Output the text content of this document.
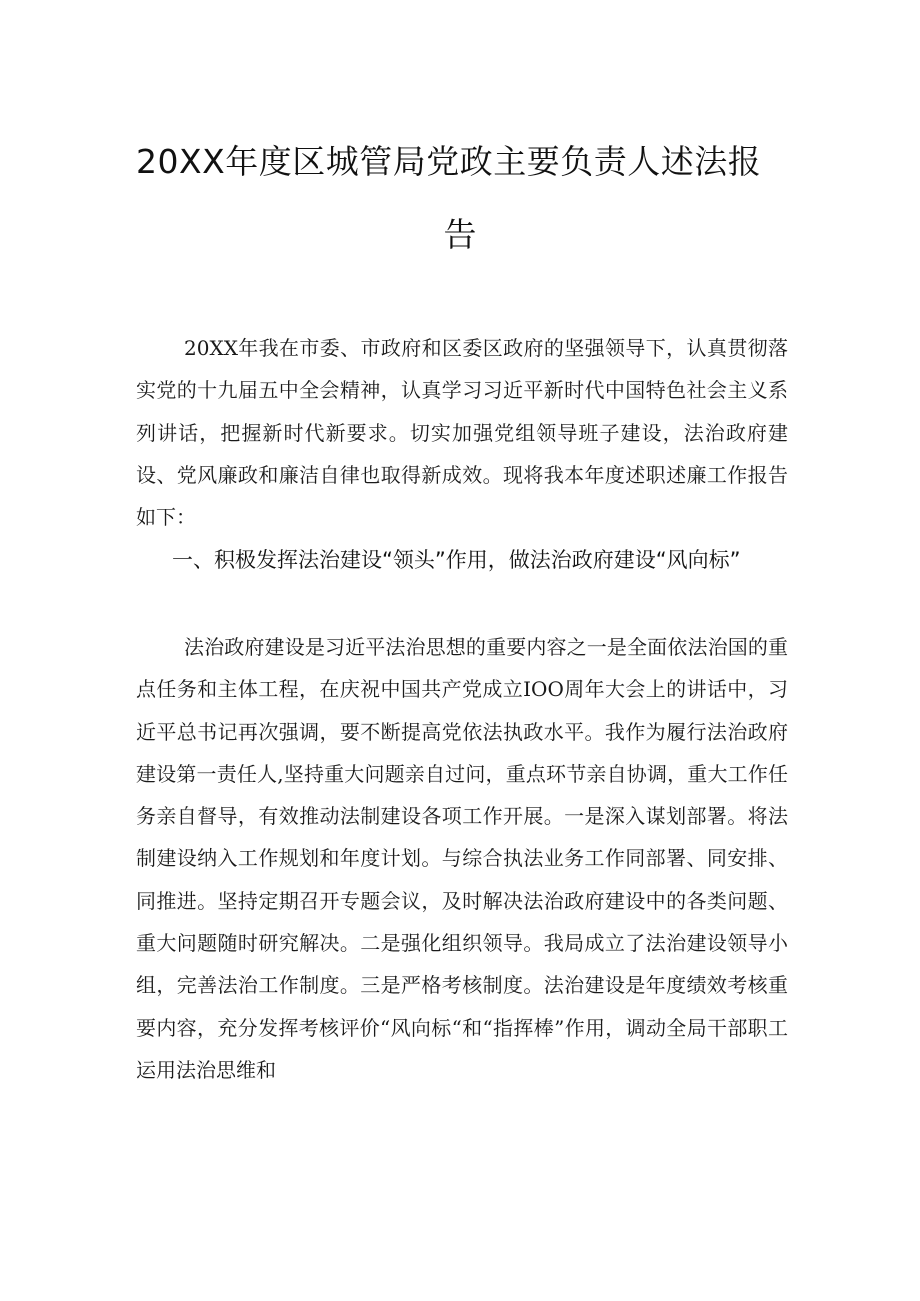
20XX年度区城管局党政主要负责人述法报
告

20XX年我在市委、市政府和区委区政府的坚强领导下，认真贯彻落实党的十九届五中全会精神，认真学习习近平新时代中国特色社会主义系列讲话，把握新时代新要求。切实加强党组领导班子建设，法治政府建设、党风廉政和廉洁自律也取得新成效。现将我本年度述职述廉工作报告如下：

一、积极发挥法治建设“领头”作用，做法治政府建设“风向标”

法治政府建设是习近平法治思想的重要内容之一是全面依法治国的重点任务和主体工程，在庆祝中国共产党成立IOO周年大会上的讲话中，习近平总书记再次强调，要不断提高党依法执政水平。我作为履行法治政府建设第一责任人,坚持重大问题亲自过问，重点环节亲自协调，重大工作任务亲自督导，有效推动法制建设各项工作开展。一是深入谋划部署。将法制建设纳入工作规划和年度计划。与综合执法业务工作同部署、同安排、同推进。坚持定期召开专题会议，及时解决法治政府建设中的各类问题、重大问题随时研究解决。二是强化组织领导。我局成立了法治建设领导小组，完善法治工作制度。三是严格考核制度。法治建设是年度绩效考核重要内容，充分发挥考核评价“风向标“和“指挥棒”作用，调动全局干部职工运用法治思维和
